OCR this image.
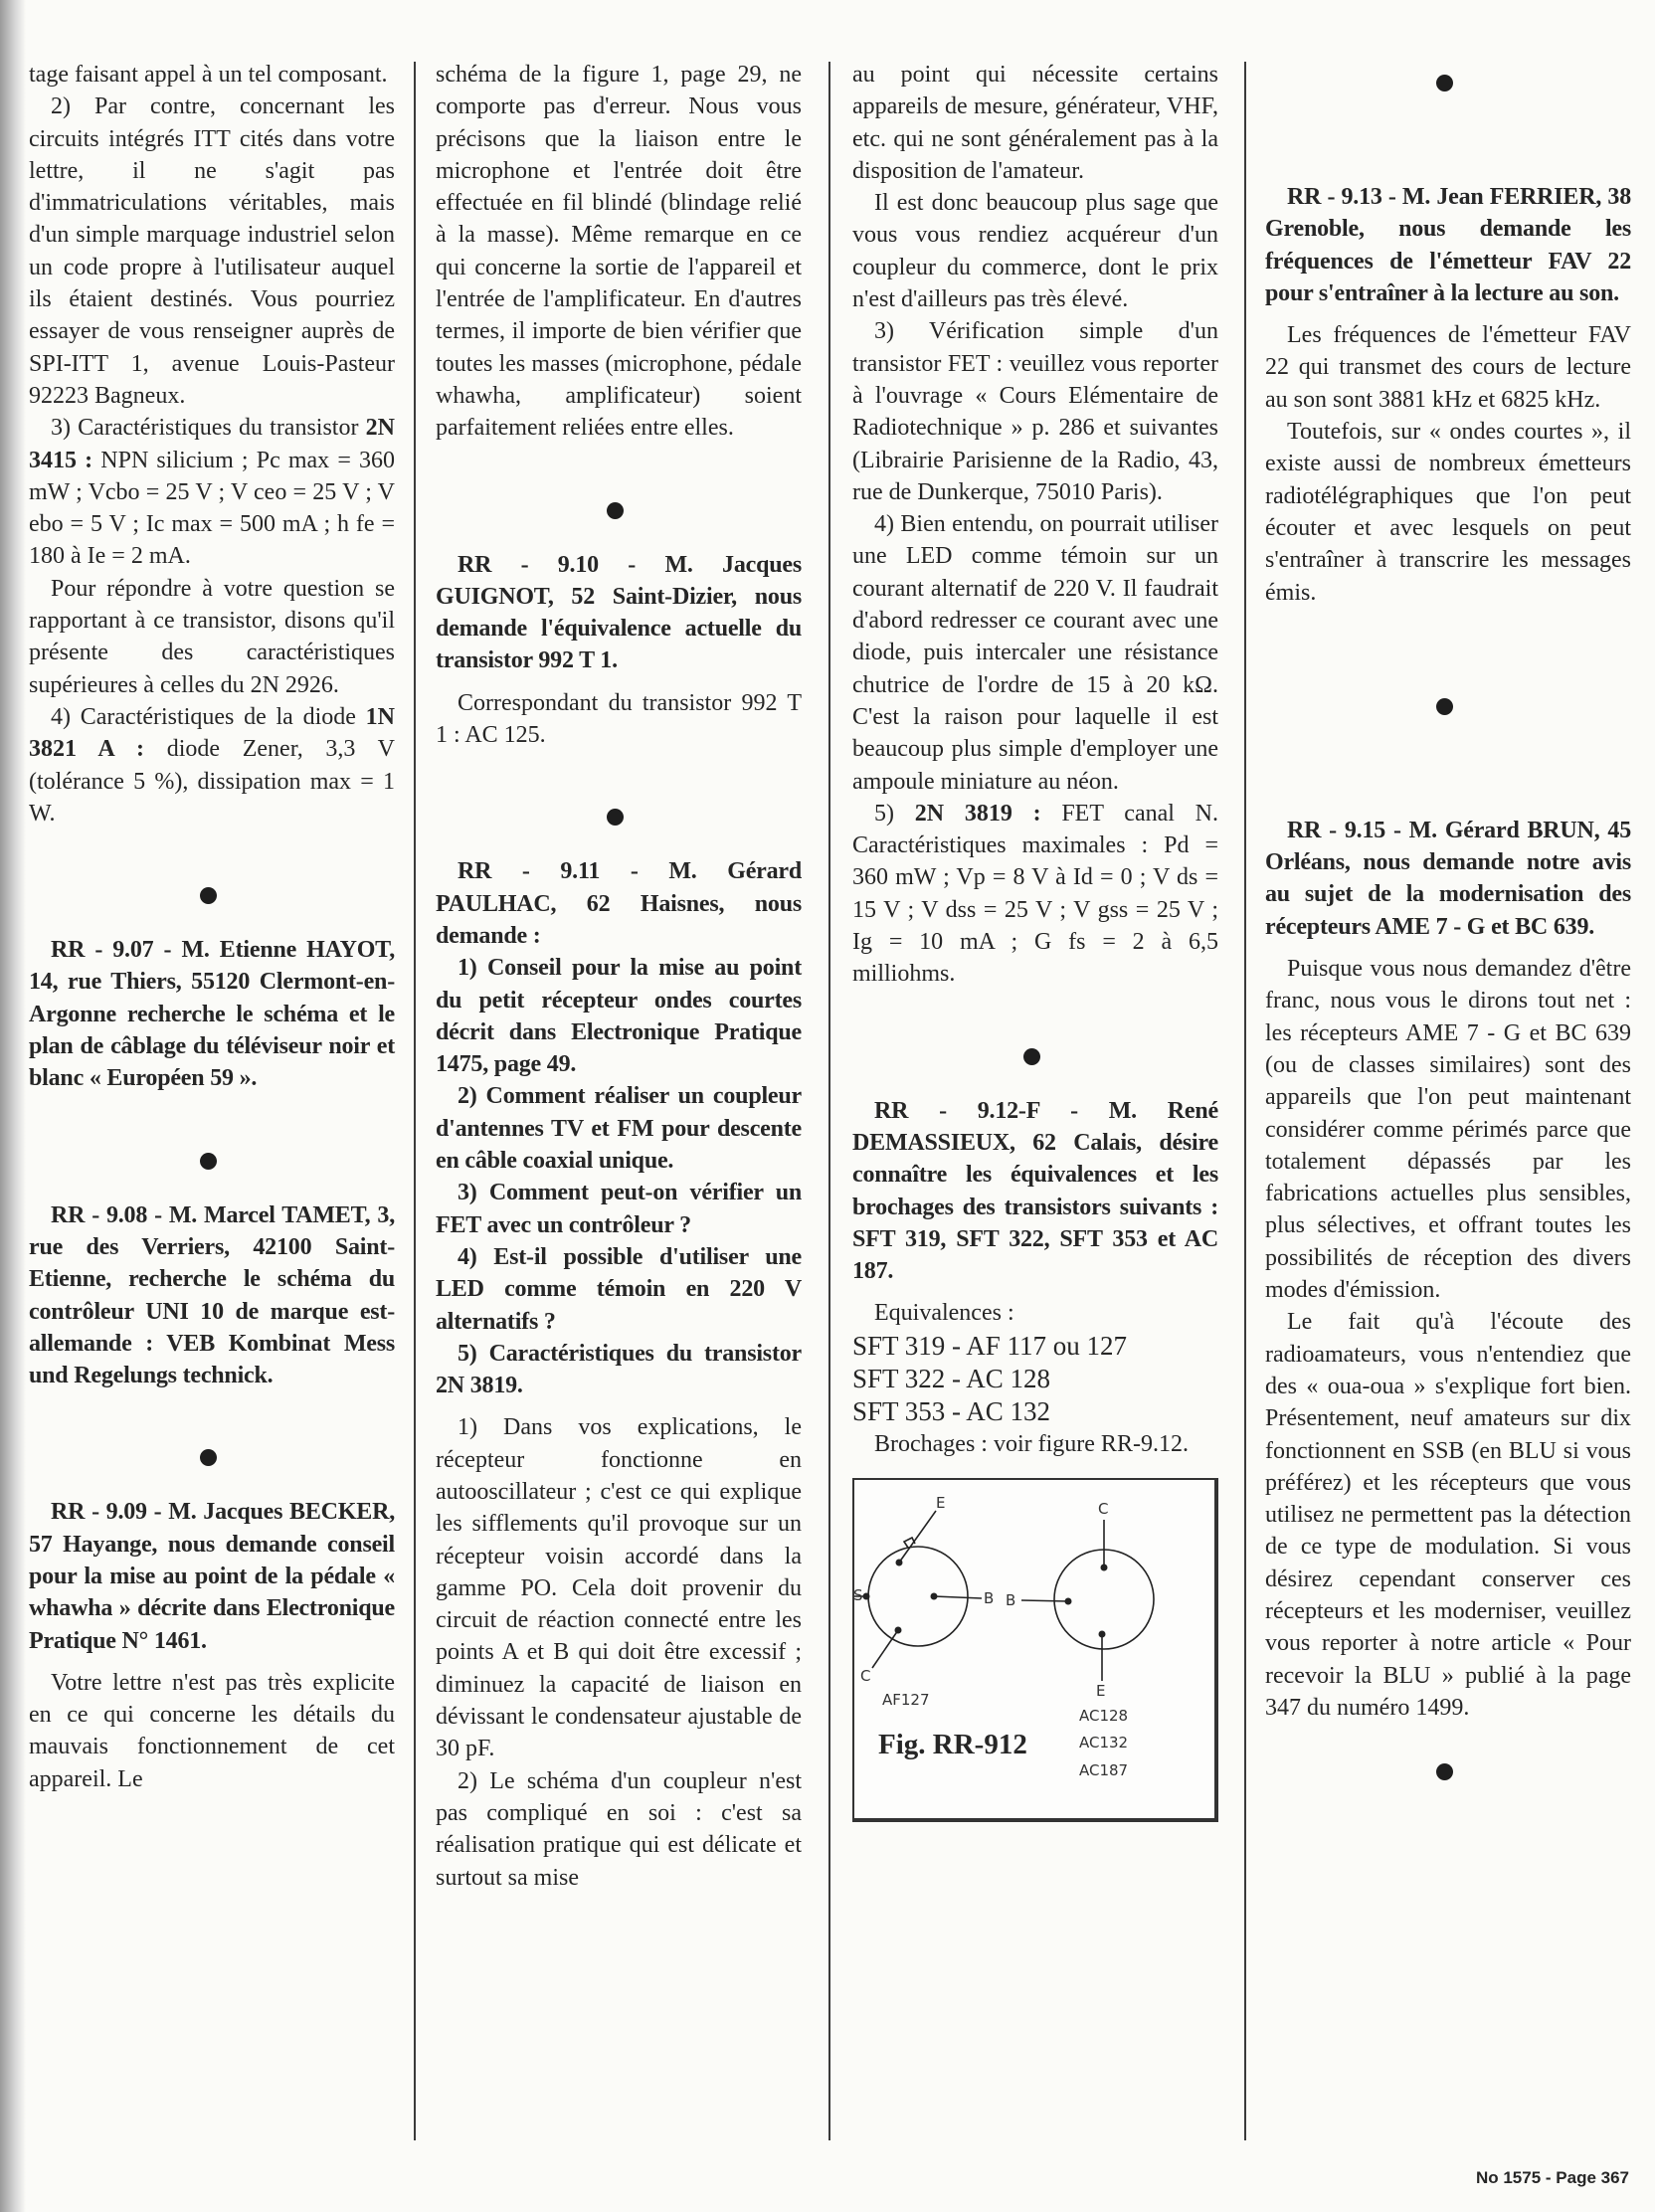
tage faisant appel à un tel composant.

2) Par contre, concernant les circuits intégrés ITT cités dans votre lettre, il ne s'agit pas d'immatriculations véritables, mais d'un simple marquage industriel selon un code propre à l'utilisateur auquel ils étaient destinés. Vous pourriez essayer de vous renseigner auprès de SPI-ITT 1, avenue Louis-Pasteur 92223 Bagneux.

3) Caractéristiques du transistor 2N 3415 : NPN silicium ; Pc max = 360 mW ; Vcbo = 25 V ; V ceo = 25 V ; V ebo = 5 V ; Ic max = 500 mA ; h fe = 180 à Ie = 2 mA.

Pour répondre à votre question se rapportant à ce transistor, disons qu'il présente des caractéristiques supérieures à celles du 2N 2926.

4) Caractéristiques de la diode 1N 3821 A : diode Zener, 3,3 V (tolérance 5 %), dissipation max = 1 W.

RR - 9.07 - M. Etienne HAYOT, 14, rue Thiers, 55120 Clermont-en-Argonne recherche le schéma et le plan de câblage du téléviseur noir et blanc « Européen 59 ».

RR - 9.08 - M. Marcel TAMET, 3, rue des Verriers, 42100 Saint-Etienne, recherche le schéma du contrôleur UNI 10 de marque est-allemande : VEB Kombinat Mess und Regelungs technick.

RR - 9.09 - M. Jacques BECKER, 57 Hayange, nous demande conseil pour la mise au point de la pédale « whawha » décrite dans Electronique Pratique N° 1461.

Votre lettre n'est pas très explicite en ce qui concerne les détails du mauvais fonctionnement de cet appareil. Le

schéma de la figure 1, page 29, ne comporte pas d'erreur. Nous vous précisons que la liaison entre le microphone et l'entrée doit être effectuée en fil blindé (blindage relié à la masse). Même remarque en ce qui concerne la sortie de l'appareil et l'entrée de l'amplificateur. En d'autres termes, il importe de bien vérifier que toutes les masses (microphone, pédale whawha, amplificateur) soient parfaitement reliées entre elles.

RR - 9.10 - M. Jacques GUIGNOT, 52 Saint-Dizier, nous demande l'équivalence actuelle du transistor 992 T 1.

Correspondant du transistor 992 T 1 : AC 125.

RR - 9.11 - M. Gérard PAULHAC, 62 Haisnes, nous demande :

1) Conseil pour la mise au point du petit récepteur ondes courtes décrit dans Electronique Pratique 1475, page 49.

2) Comment réaliser un coupleur d'antennes TV et FM pour descente en câble coaxial unique.

3) Comment peut-on vérifier un FET avec un contrôleur ?

4) Est-il possible d'utiliser une LED comme témoin en 220 V alternatifs ?

5) Caractéristiques du transistor 2N 3819.

1) Dans vos explications, le récepteur fonctionne en autooscillateur ; c'est ce qui explique les sifflements qu'il provoque sur un récepteur voisin accordé dans la gamme PO. Cela doit provenir du circuit de réaction connecté entre les points A et B qui doit être excessif ; diminuez la capacité de liaison en dévissant le condensateur ajustable de 30 pF.

2) Le schéma d'un coupleur n'est pas compliqué en soi : c'est sa réalisation pratique qui est délicate et surtout sa mise

au point qui nécessite certains appareils de mesure, générateur, VHF, etc. qui ne sont généralement pas à la disposition de l'amateur.

Il est donc beaucoup plus sage que vous vous rendiez acquéreur d'un coupleur du commerce, dont le prix n'est d'ailleurs pas très élevé.

3) Vérification simple d'un transistor FET : veuillez vous reporter à l'ouvrage « Cours Elémentaire de Radiotechnique » p. 286 et suivantes (Librairie Parisienne de la Radio, 43, rue de Dunkerque, 75010 Paris).

4) Bien entendu, on pourrait utiliser une LED comme témoin sur un courant alternatif de 220 V. Il faudrait d'abord redresser ce courant avec une diode, puis intercaler une résistance chutrice de l'ordre de 15 à 20 kΩ. C'est la raison pour laquelle il est beaucoup plus simple d'employer une ampoule miniature au néon.

5) 2N 3819 : FET canal N. Caractéristiques maximales : Pd = 360 mW ; Vp = 8 V à Id = 0 ; V ds = 15 V ; V dss = 25 V ; V gss = 25 V ; Ig = 10 mA ; G fs = 2 à 6,5 milliohms.

RR - 9.12-F - M. René DEMASSIEUX, 62 Calais, désire connaître les équivalences et les brochages des transistors suivants : SFT 319, SFT 322, SFT 353 et AC 187.

Equivalences :

SFT 319 - AF 117 ou 127

SFT 322 - AC 128

SFT 353 - AC 132

Brochages : voir figure RR-9.12.

E
S	B
C
AF127
C
B
E
AC128
AC132
AC187
Fig. RR-912

RR - 9.13 - M. Jean FERRIER, 38 Grenoble, nous demande les fréquences de l'émetteur FAV 22 pour s'entraîner à la lecture au son.

Les fréquences de l'émetteur FAV 22 qui transmet des cours de lecture au son sont 3881 kHz et 6825 kHz.

Toutefois, sur « ondes courtes », il existe aussi de nombreux émetteurs radiotélégraphiques que l'on peut écouter et avec lesquels on peut s'entraîner à transcrire les messages émis.

RR - 9.15 - M. Gérard BRUN, 45 Orléans, nous demande notre avis au sujet de la modernisation des récepteurs AME 7 - G et BC 639.

Puisque vous nous demandez d'être franc, nous vous le dirons tout net : les récepteurs AME 7 - G et BC 639 (ou de classes similaires) sont des appareils que l'on peut maintenant considérer comme périmés parce que totalement dépassés par les fabrications actuelles plus sensibles, plus sélectives, et offrant toutes les possibilités de réception des divers modes d'émission.

Le fait qu'à l'écoute des radioamateurs, vous n'entendiez que des « oua-oua » s'explique fort bien. Présentement, neuf amateurs sur dix fonctionnent en SSB (en BLU si vous préférez) et les récepteurs que vous utilisez ne permettent pas la détection de ce type de modulation. Si vous désirez cependant conserver ces récepteurs et les moderniser, veuillez vous reporter à notre article « Pour recevoir la BLU » publié à la page 347 du numéro 1499.

No 1575 - Page 367
